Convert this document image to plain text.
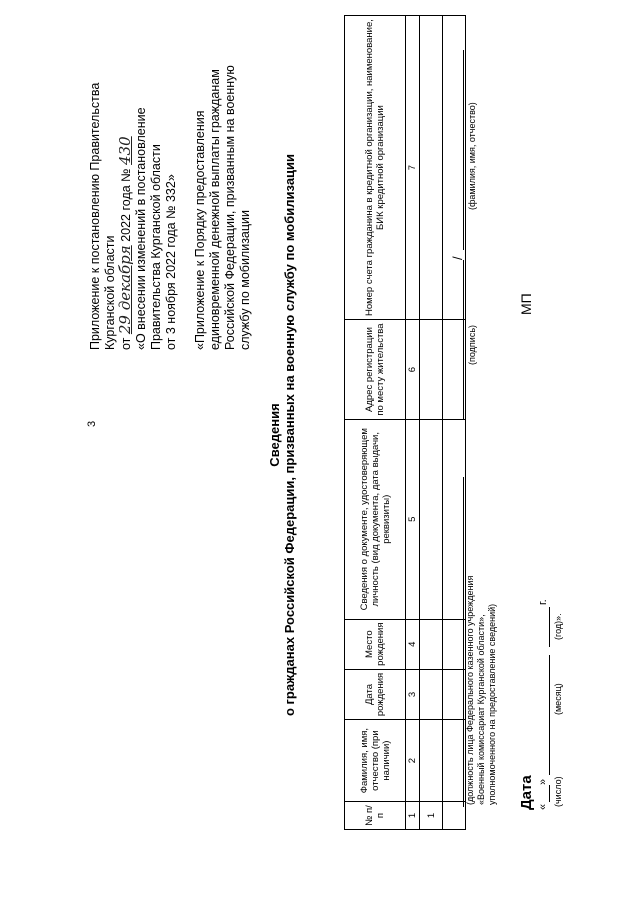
3

Приложение к постановлению Правительства Курганской области от 29 декабря 2022 года № 430 «О внесении изменений в постановление Правительства Курганской области от 3 ноября 2022 года № 332» «Приложение к Порядку предоставления единовременной денежной выплаты гражданам Российской Федерации, призванным на военную службу по мобилизации

Сведения о гражданах Российской Федерации, призванных на военную службу по мобилизации
№ п/п	Фамилия, имя, отчество (при наличии)	Дата рождения	Место рождения	Сведения о документе, удостоверяющем личность (вид документа, дата выдачи, реквизиты)	Адрес регистрации по месту жительства	Номер счета гражданина в кредитной организации, наименование, БИК кредитной организации
1	2	3	4	5	6	7
1						

(должность лица Федерального казенного учреждения «Военный комиссариат Курганской области», уполномоченного на предоставление сведений)
/
(подпись)
(фамилия, имя, отчество)
Дата «
»
г.
(число)
(месяц)
(год)».
МП
